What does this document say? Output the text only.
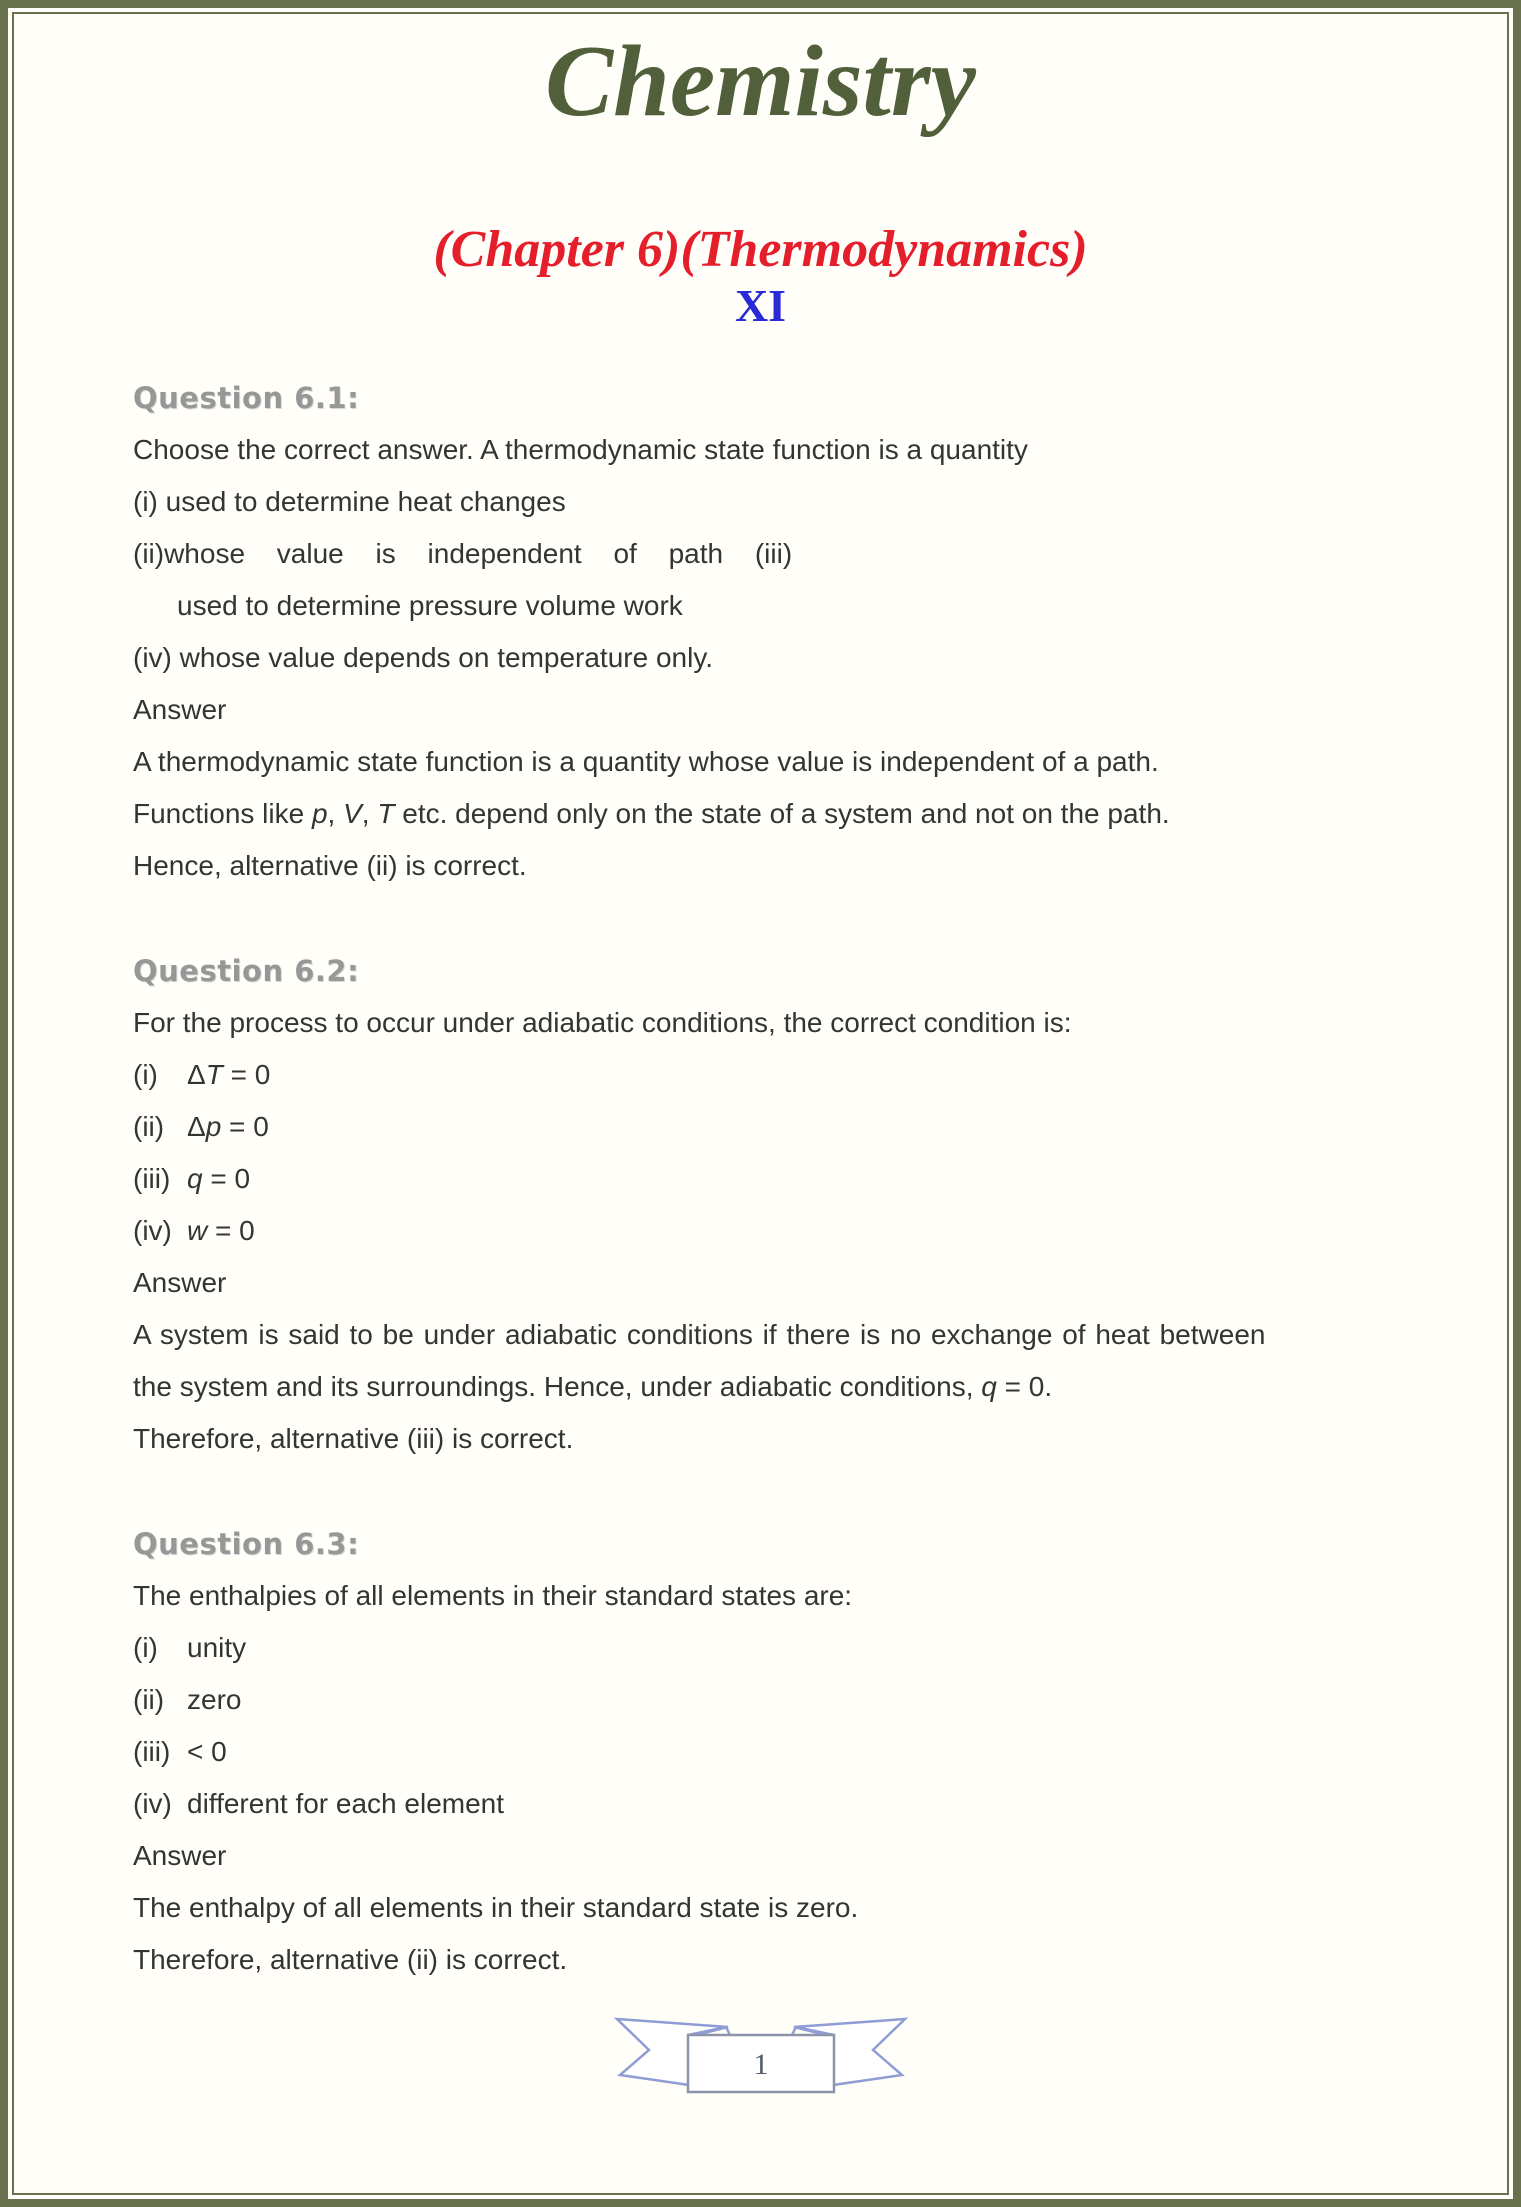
Chemistry
(Chapter 6)(Thermodynamics)
XI
Question 6.1:
Choose the correct answer. A thermodynamic state function is a quantity
(i) used to determine heat changes
(ii)whose value is independent of path (iii)
used to determine pressure volume work
(iv) whose value depends on temperature only.
Answer
A thermodynamic state function is a quantity whose value is independent of a path.
Functions like p, V, T etc. depend only on the state of a system and not on the path.
Hence, alternative (ii) is correct.
Question 6.2:
For the process to occur under adiabatic conditions, the correct condition is:
(i) ΔT = 0
(ii) Δp = 0
(iii) q = 0
(iv) w = 0
Answer
A system is said to be under adiabatic conditions if there is no exchange of heat between
the system and its surroundings. Hence, under adiabatic conditions, q = 0.
Therefore, alternative (iii) is correct.
Question 6.3:
The enthalpies of all elements in their standard states are:
(i) unity
(ii) zero
(iii) < 0
(iv) different for each element
Answer
The enthalpy of all elements in their standard state is zero.
Therefore, alternative (ii) is correct.
1
